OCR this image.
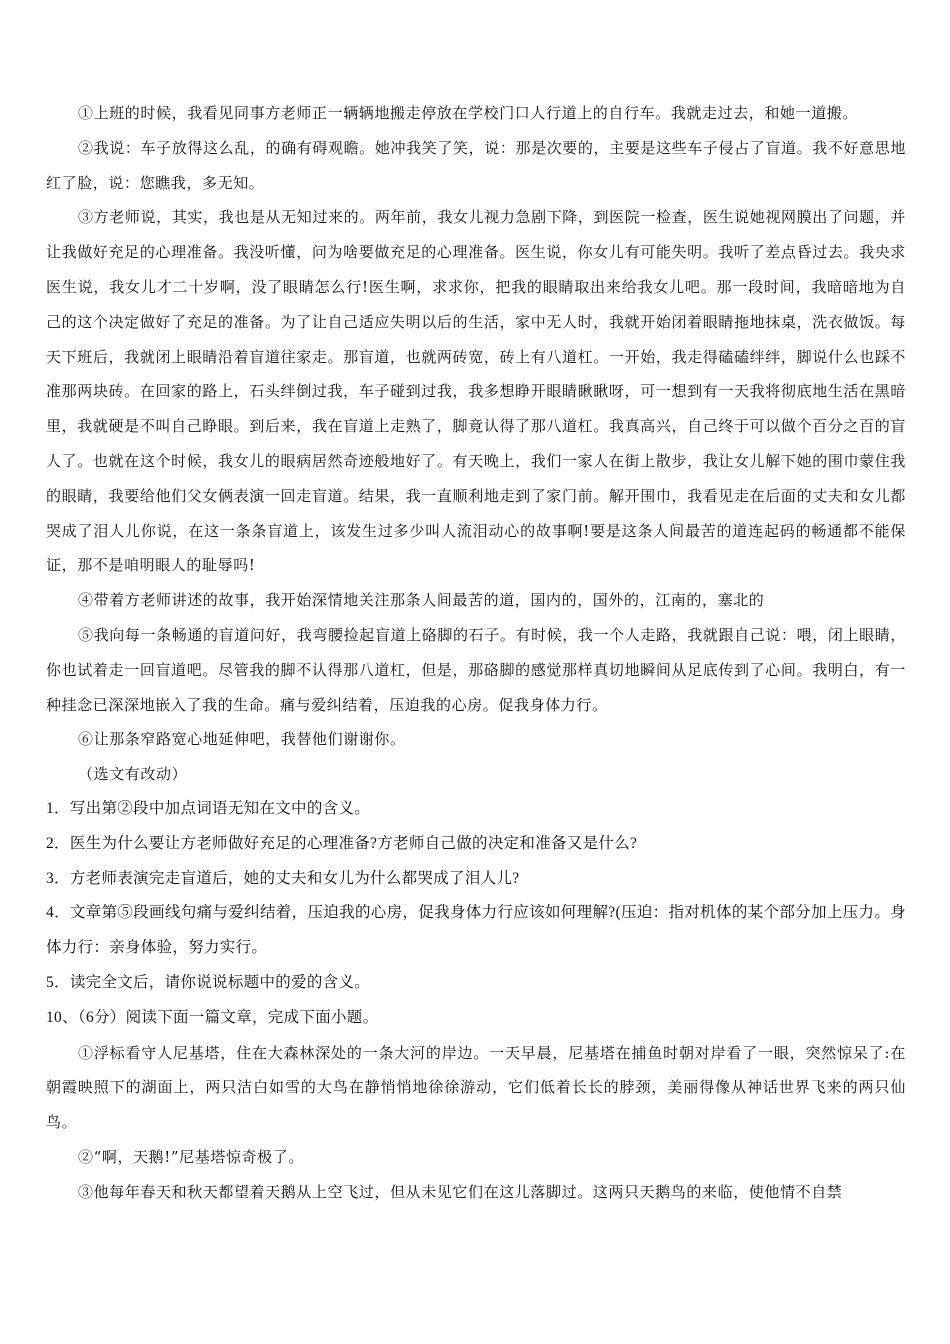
①上班的时候，我看见同事方老师正一辆辆地搬走停放在学校门口人行道上的自行车。我就走过去，和她一道搬。

②我说：车子放得这么乱，的确有碍观瞻。她冲我笑了笑，说：那是次要的，主要是这些车子侵占了盲道。我不好意思地红了脸，说：您瞧我，多无知。

③方老师说，其实，我也是从无知过来的。两年前，我女儿视力急剧下降，到医院一检查，医生说她视网膜出了问题，并让我做好充足的心理准备。我没听懂，问为啥要做充足的心理准备。医生说，你女儿有可能失明。我听了差点昏过去。我央求医生说，我女儿才二十岁啊，没了眼睛怎么行!医生啊，求求你，把我的眼睛取出来给我女儿吧。那一段时间，我暗暗地为自己的这个决定做好了充足的准备。为了让自己适应失明以后的生活，家中无人时，我就开始闭着眼睛拖地抹桌，洗衣做饭。每天下班后，我就闭上眼睛沿着盲道往家走。那盲道，也就两砖宽，砖上有八道杠。一开始，我走得磕磕绊绊，脚说什么也踩不准那两块砖。在回家的路上，石头绊倒过我，车子碰到过我，我多想睁开眼睛瞅瞅呀，可一想到有一天我将彻底地生活在黑暗里，我就硬是不叫自己睁眼。到后来，我在盲道上走熟了，脚竟认得了那八道杠。我真高兴，自己终于可以做个百分之百的盲人了。也就在这个时候，我女儿的眼病居然奇迹般地好了。有天晚上，我们一家人在街上散步，我让女儿解下她的围巾蒙住我的眼睛，我要给他们父女俩表演一回走盲道。结果，我一直顺利地走到了家门前。解开围巾，我看见走在后面的丈夫和女儿都哭成了泪人儿你说，在这一条条盲道上，该发生过多少叫人流泪动心的故事啊!要是这条人间最苦的道连起码的畅通都不能保证，那不是咱明眼人的耻辱吗!

④带着方老师讲述的故事，我开始深情地关注那条人间最苦的道，国内的，国外的，江南的，塞北的

⑤我向每一条畅通的盲道问好，我弯腰捡起盲道上硌脚的石子。有时候，我一个人走路，我就跟自己说：喂，闭上眼睛，你也试着走一回盲道吧。尽管我的脚不认得那八道杠，但是，那硌脚的感觉那样真切地瞬间从足底传到了心间。我明白，有一种挂念已深深地嵌入了我的生命。痛与爱纠结着，压迫我的心房。促我身体力行。

⑥让那条窄路宽心地延伸吧，我替他们谢谢你。

（选文有改动）

1．写出第②段中加点词语无知在文中的含义。

2．医生为什么要让方老师做好充足的心理准备?方老师自己做的决定和准备又是什么?

3．方老师表演完走盲道后，她的丈夫和女儿为什么都哭成了泪人儿?

4．文章第⑤段画线句痛与爱纠结着，压迫我的心房，促我身体力行应该如何理解?(压迫：指对机体的某个部分加上压力。身体力行：亲身体验，努力实行。

5．读完全文后，请你说说标题中的爱的含义。

10、（6分）阅读下面一篇文章，完成下面小题。

①浮标看守人尼基塔，住在大森林深处的一条大河的岸边。一天早晨，尼基塔在捕鱼时朝对岸看了一眼，突然惊呆了:在朝霞映照下的湖面上，两只洁白如雪的大鸟在静悄悄地徐徐游动，它们低着长长的脖颈，美丽得像从神话世界飞来的两只仙鸟。

②“啊，天鹅!”尼基塔惊奇极了。

③他每年春天和秋天都望着天鹅从上空飞过，但从未见它们在这儿落脚过。这两只天鹅鸟的来临，使他情不自禁
